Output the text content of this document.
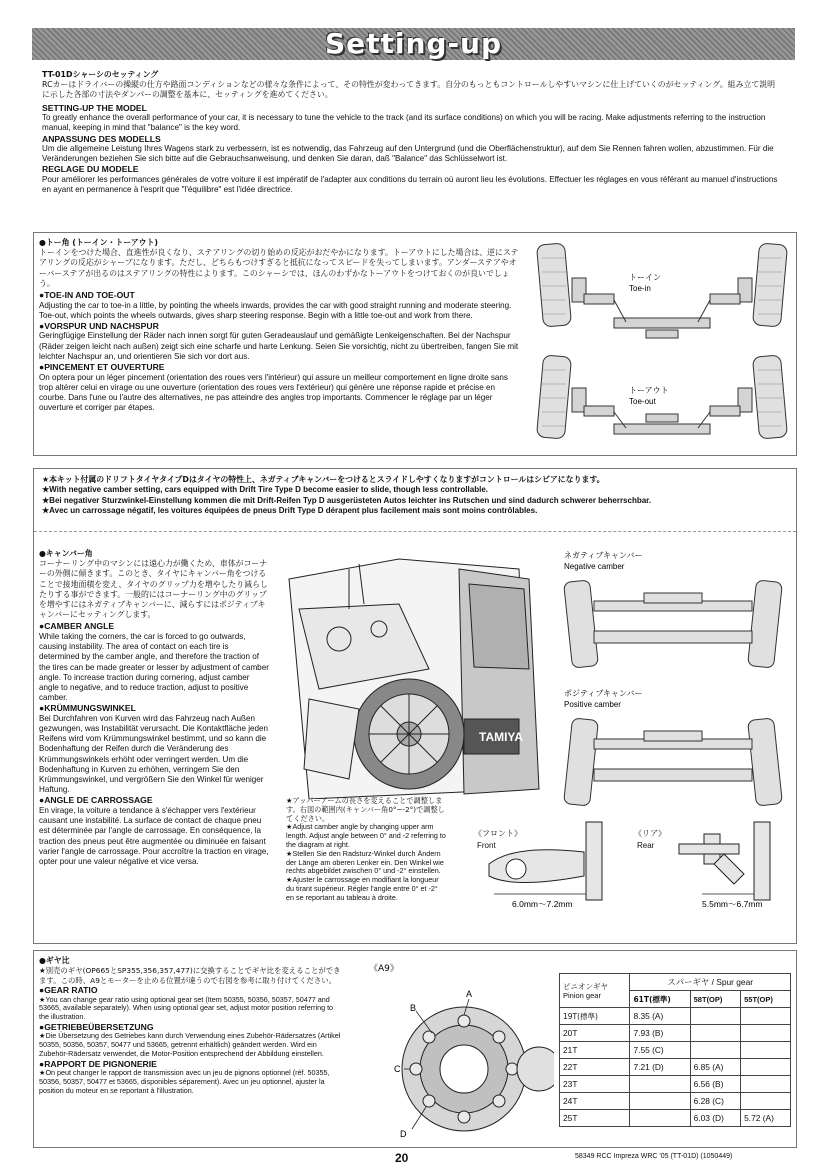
Setting-up

TT-01Dシャーシのセッティング

RCカーはドライバーの操縦の仕方や路面コンディションなどの様々な条件によって、その特性が変わってきます。自分のもっともコントロールしやすいマシンに仕上げていくのがセッティング。組み立て説明に示した各部の寸法やダンパーの調整を基本に、セッティングを進めてください。

SETTING-UP THE MODEL

To greatly enhance the overall performance of your car, it is necessary to tune the vehicle to the track (and its surface conditions) on which you will be racing. Make adjustments referring to the instruction manual, keeping in mind that "balance" is the key word.

ANPASSUNG DES MODELLS

Um die allgemeine Leistung Ihres Wagens stark zu verbessern, ist es notwendig, das Fahrzeug auf den Untergrund (und die Oberflächenstruktur), auf dem Sie Rennen fahren wollen, abzustimmen. Für die Veränderungen beziehen Sie sich bitte auf die Gebrauchsanweisung, und denken Sie daran, daß "Balance" das Schlüsselwort ist.

REGLAGE DU MODELE

Pour améliorer les performances générales de votre voiture il est impératif de l'adapter aux conditions du terrain où auront lieu les évolutions. Effectuer les réglages en vous référant au manuel d'instructions en ayant en permanence à l'esprit que "l'équilibre" est l'idée directrice.

●トー角 (トーイン・トーアウト)

トーインをつけた場合、直進性が良くなり、ステアリングの切り始めの反応がおだやかになります。トーアウトにした場合は、逆にステアリングの反応がシャープになります。ただし、どちらもつけすぎると抵抗になってスピードを失ってしまいます。アンダーステアやオーバーステアが出るのはステアリングの特性によります。このシャーシでは、ほんのわずかなトーアウトをつけておくのが良いでしょう。

●TOE-IN AND TOE-OUT

Adjusting the car to toe-in a little, by pointing the wheels inwards, provides the car with good straight running and moderate steering. Toe-out, which points the wheels outwards, gives sharp steering response. Begin with a little toe-out and work from there.

●VORSPUR UND NACHSPUR

Geringfügige Einstellung der Räder nach innen sorgt für guten Geradeauslauf und gemäßigte Lenkeigenschaften. Bei der Nachspur (Räder zeigen leicht nach außen) zeigt sich eine scharfe und harte Lenkung. Seien Sie vorsichtig, nicht zu übertreiben, fangen Sie mit leichter Nachspur an, und orientieren Sie sich vor dort aus.

●PINCEMENT ET OUVERTURE

On optera pour un léger pincement (orientation des roues vers l'intérieur) qui assure un meilleur comportement en ligne droite sans trop altérer celui en virage ou une ouverture (orientation des roues vers l'extérieur) qui génère une réponse rapide et précise en courbe. Dans l'une ou l'autre des alternatives, ne pas atteindre des angles trop importants. Commencer le réglage par un léger ouverture et corriger par étapes.

トーイン
Toe-in
トーアウト
Toe-out

★本キット付属のドリフトタイヤタイプDはタイヤの特性上、ネガティブキャンバーをつけるとスライドしやすくなりますがコントロールはシビアになります。

★With negative camber setting, cars equipped with Drift Tire Type D become easier to slide, though less controllable.

★Bei negativer Sturzwinkel-Einstellung kommen die mit Drift-Reifen Typ D ausgerüsteten Autos leichter ins Rutschen und sind dadurch schwerer beherrschbar.

★Avec un carrossage négatif, les voitures équipées de pneus Drift Type D dérapent plus facilement mais sont moins contrôlables.

●キャンバー角

コーナーリング中のマシンには遠心力が働くため、車体がコーナーの外側に傾きます。このとき、タイヤにキャンバー角をつけることで接地面積を変え、タイヤのグリップ力を増やしたり減らしたりする事ができます。一般的にはコーナーリング中のグリップを増やすにはネガティブキャンバーに、減らすにはポジティブキャンバーにセッティングします。

●CAMBER ANGLE

While taking the corners, the car is forced to go outwards, causing instability. The area of contact on each tire is determined by the camber angle, and therefore the traction of the tires can be made greater or lesser by adjustment of camber angle. To increase traction during cornering, adjust camber angle to negative, and to reduce traction, adjust to positive camber.

●KRÜMMUNGSWINKEL

Bei Durchfahren von Kurven wird das Fahrzeug nach Außen gezwungen, was Instabilität verursacht. Die Kontaktfläche jeden Reifens wird vom Krümmungswinkel bestimmt, und so kann die Bodenhaftung der Reifen durch die Veränderung des Krümmungswinkels erhöht oder verringert werden. Um die Bodenhaftung in Kurven zu erhöhen, verringern Sie den Krümmungswinkel, und vergrößern Sie den Winkel für weniger Haftung.

●ANGLE DE CARROSSAGE

En virage, la voiture a tendance à s'échapper vers l'extérieur causant une instabilité. La surface de contact de chaque pneu est déterminée par l'angle de carrossage. En conséquence, la traction des pneus peut être augmentée ou diminuée en faisant varier l'angle de carrossage. Pour accroître la traction en virage, opter pour une valeur négative et vice versa.

TAMIYA
ネガティブキャンバー
Negative camber
ポジティブキャンバー
Positive camber

★アッパーアームの長さを変えることで調整します。右図の範囲内(キャンバー角0°~-2°)で調整してください。

★Adjust camber angle by changing upper arm length. Adjust angle between 0° and -2 referring to the diagram at right.

★Stellen Sie den Radsturz-Winkel durch Ändern der Länge am oberen Lenker ein. Den Winkel wie rechts abgebildet zwischen 0° und -2° einstellen.

★Ajuster le carrossage en modifiant la longueur du tirant supérieur. Régler l'angle entre 0° et -2° en se reportant au tableau à droite.

《フロント》
Front
《リア》
Rear
6.0mm～7.2mm	5.5mm～6.7mm

●ギヤ比

★別売のギヤ(OP665とSP355,356,357,477)に交換することでギヤ比を変えることができます。この時、A9とモーターを止める位置が違うので右図を参考に取り付けてください。

●GEAR RATIO

★You can change gear ratio using optional gear set (Item 50355, 50356, 50357, 50477 and 53665, available separately). When using optional gear set, adjust motor position referring to the illustration.

●GETRIEBEÜBERSETZUNG

★Die Übersetzung des Getriebes kann durch Verwendung eines Zubehör-Rädersatzes (Artikel 50355, 50356, 50357, 50477 und 53665, getrennt erhältlich) geändert werden. Wird ein Zubehör-Rädersatz verwendet, die Motor-Position entsprechend der Abbildung einstellen.

●RAPPORT DE PIGNONERIE

★On peut changer le rapport de transmission avec un jeu de pignons optionnel (réf. 50355, 50356, 50357, 50477 et 53665, disponibles séparement). Avec un jeu optionnel, ajuster la position du moteur en se reportant à l'illustration.

《A9》
A
B
C
D
ピニオンギヤ
Pinion gear	スパーギヤ / Spur gear		
	61T(標準)	58T(OP)	55T(OP)
19T(標準)	8.35 (A)		
20T	7.93 (B)		
21T	7.55 (C)		
22T	7.21 (D)	6.85 (A)	
23T		6.56 (B)	
24T		6.28 (C)	
25T		6.03 (D)	5.72 (A)
20	58349 RCC Impreza WRC '05 (TT-01D) (1050449)
